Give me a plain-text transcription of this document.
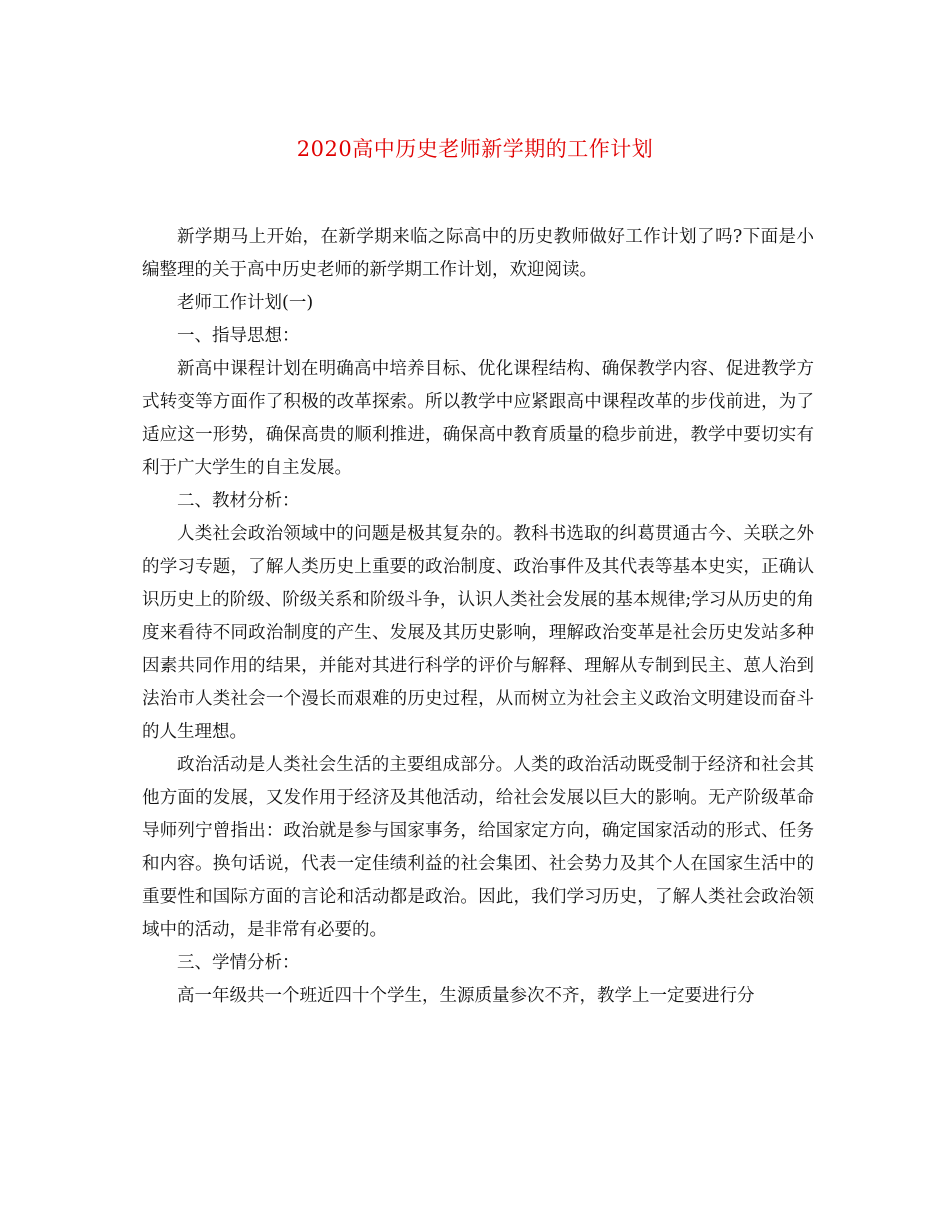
2020高中历史老师新学期的工作计划

新学期马上开始，在新学期来临之际高中的历史教师做好工作计划了吗?下面是小编整理的关于高中历史老师的新学期工作计划，欢迎阅读。

老师工作计划(一)

一、指导思想：

新高中课程计划在明确高中培养目标、优化课程结构、确保教学内容、促进教学方式转变等方面作了积极的改革探索。所以教学中应紧跟高中课程改革的步伐前进，为了适应这一形势，确保高贵的顺利推进，确保高中教育质量的稳步前进，教学中要切实有利于广大学生的自主发展。

二、教材分析：

人类社会政治领域中的问题是极其复杂的。教科书选取的纠葛贯通古今、关联之外的学习专题，了解人类历史上重要的政治制度、政治事件及其代表等基本史实，正确认识历史上的阶级、阶级关系和阶级斗争，认识人类社会发展的基本规律;学习从历史的角度来看待不同政治制度的产生、发展及其历史影响，理解政治变革是社会历史发站多种因素共同作用的结果，并能对其进行科学的评价与解释、理解从专制到民主、葸人治到法治市人类社会一个漫长而艰难的历史过程，从而树立为社会主义政治文明建设而奋斗的人生理想。

政治活动是人类社会生活的主要组成部分。人类的政治活动既受制于经济和社会其他方面的发展，又发作用于经济及其他活动，给社会发展以巨大的影响。无产阶级革命导师列宁曾指出：政治就是参与国家事务，给国家定方向，确定国家活动的形式、任务和内容。换句话说，代表一定佳绩利益的社会集团、社会势力及其个人在国家生活中的重要性和国际方面的言论和活动都是政治。因此，我们学习历史，了解人类社会政治领域中的活动，是非常有必要的。

三、学情分析：

高一年级共一个班近四十个学生，生源质量参次不齐，教学上一定要进行分
